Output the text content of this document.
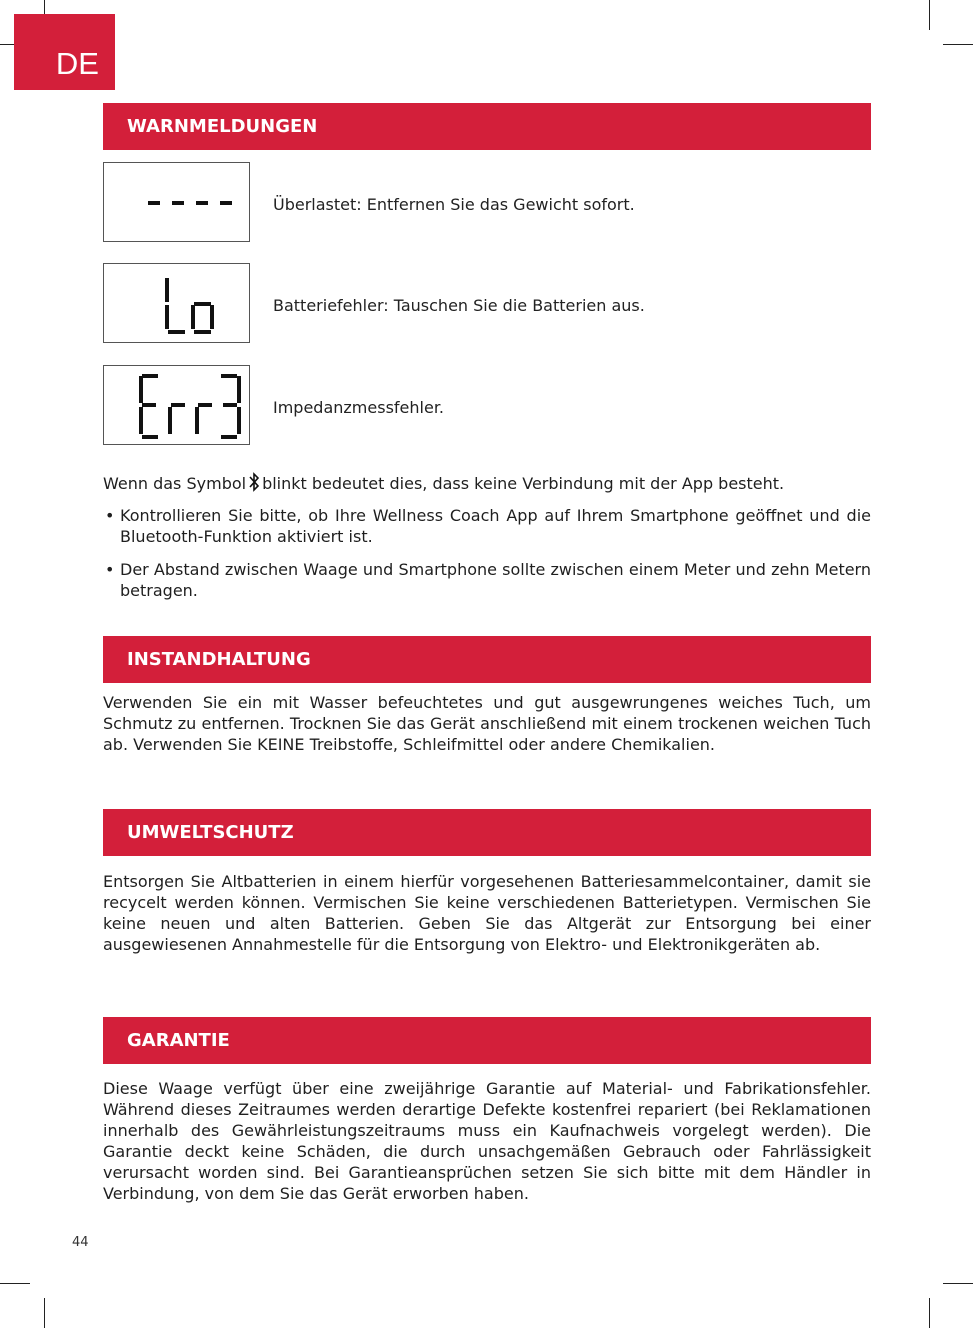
DE
WARNMELDUNGEN
Überlastet: Entfernen Sie das Gewicht sofort.
Batteriefehler: Tauschen Sie die Batterien aus.
Impedanzmessfehler.

Wenn das Symbol blinkt bedeutet dies, dass keine Verbindung mit der App besteht.

• Kontrollieren Sie bitte, ob Ihre Wellness Coach App auf Ihrem Smartphone geöffnet und die Bluetooth-Funktion aktiviert ist.

• Der Abstand zwischen Waage und Smartphone sollte zwischen einem Meter und zehn Metern betragen.

INSTANDHALTUNG

Verwenden Sie ein mit Wasser befeuchtetes und gut ausgewrungenes weiches Tuch, um Schmutz zu entfernen. Trocknen Sie das Gerät anschließend mit einem trockenen weichen Tuch ab. Verwenden Sie KEINE Treibstoffe, Schleifmittel oder andere Chemikalien.

UMWELTSCHUTZ

Entsorgen Sie Altbatterien in einem hierfür vorgesehenen Batteriesammelcontainer, damit sie recycelt werden können. Vermischen Sie keine verschiedenen Batterietypen. Vermischen Sie keine neuen und alten Batterien. Geben Sie das Altgerät zur Entsorgung bei einer ausgewiesenen Annahmestelle für die Entsorgung von Elektro- und Elektronikgeräten ab.

GARANTIE

Diese Waage verfügt über eine zweijährige Garantie auf Material- und Fabrikationsfehler. Während dieses Zeitraumes werden derartige Defekte kostenfrei repariert (bei Reklamationen innerhalb des Gewährleistungszeitraums muss ein Kaufnachweis vorgelegt werden). Die Garantie deckt keine Schäden, die durch unsachgemäßen Gebrauch oder Fahrlässigkeit verursacht worden sind. Bei Garantieansprüchen setzen Sie sich bitte mit dem Händler in Verbindung, von dem Sie das Gerät erworben haben.

44
